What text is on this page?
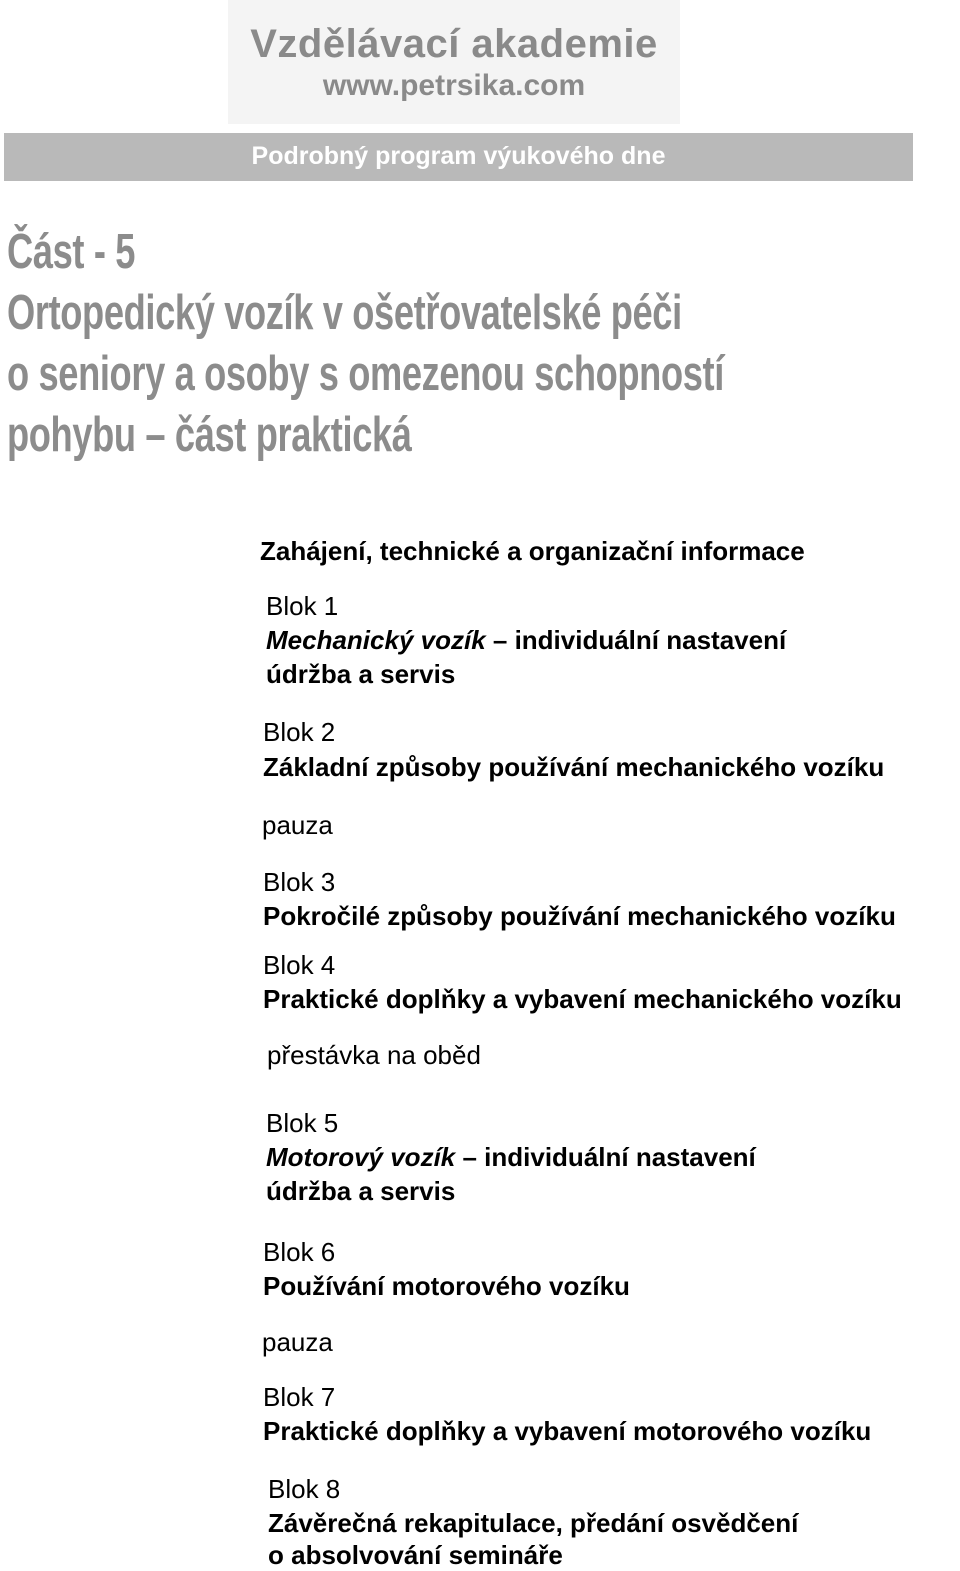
Vzdělávací akademie
www.petrsika.com
Podrobný program výukového dne
Část - 5
Ortopedický vozík v ošetřovatelské péči
o seniory a osoby s omezenou schopností
pohybu – část praktická
Zahájení, technické a organizační informace
Blok 1
Mechanický vozík – individuální nastavení
údržba a servis
Blok 2
Základní způsoby používání mechanického vozíku
pauza
Blok 3
Pokročilé způsoby používání mechanického vozíku
Blok 4
Praktické doplňky a vybavení mechanického vozíku
přestávka na oběd
Blok 5
Motorový vozík – individuální nastavení
údržba a servis
Blok 6
Používání motorového vozíku
pauza
Blok 7
Praktické doplňky a vybavení motorového vozíku
Blok 8
Závěrečná rekapitulace, předání osvědčení
o absolvování semináře
